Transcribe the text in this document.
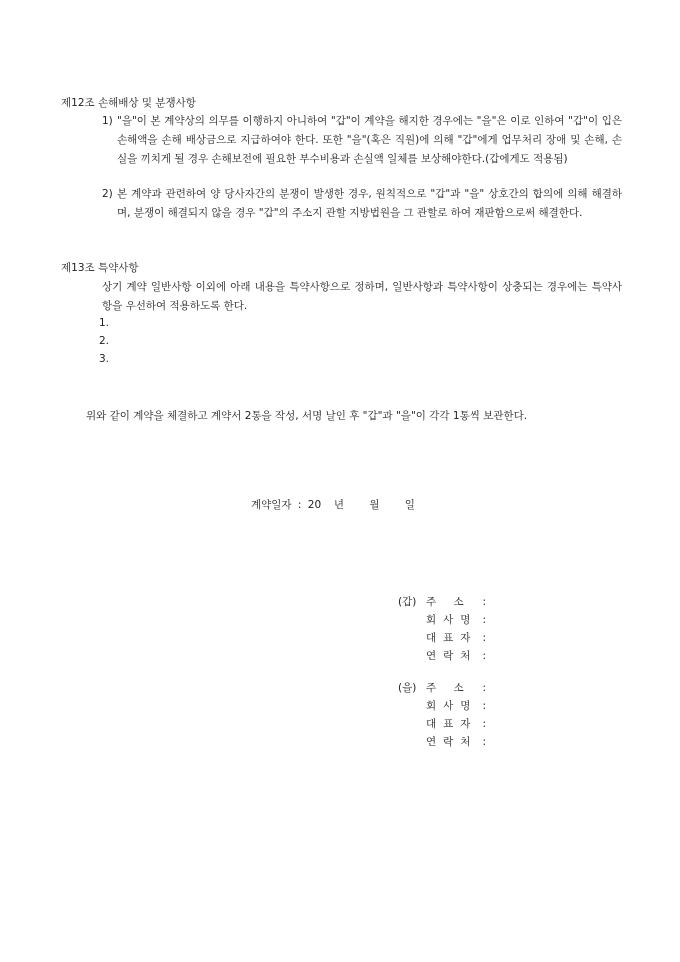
제12조 손해배상 및 분쟁사항
1) "을"이 본 계약상의 의무를 이행하지 아니하여 "갑"이 계약을 해지한 경우에는 "을"은 이로 인하여 "갑"이 입은 손해액을 손해 배상금으로 지급하여야 한다. 또한 "을"(혹은 직원)에 의해 "갑"에게 업무처리 장애 및 손해, 손실을 끼치게 될 경우 손해보전에 필요한 부수비용과 손실액 일체를 보상해야한다.(갑에게도 적용됨)
2) 본 계약과 관련하여 양 당사자간의 분쟁이 발생한 경우, 원칙적으로 "갑"과 "을" 상호간의 합의에 의해 해결하며, 분쟁이 해결되지 않을 경우 "갑"의 주소지 관할 지방법원을 그 관할로 하여 재판함으로써 해결한다.
제13조 특약사항
상기 계약 일반사항 이외에 아래 내용을 특약사항으로 정하며, 일반사항과 특약사항이 상충되는 경우에는 특약사항을 우선하여 적용하도록 한다.
1.
2.
3.
위와 같이 계약을 체결하고 계약서 2통을 작성, 서명 날인 후 "갑"과 "을"이 각각 1통씩 보관한다.
계약일자 : 20  년    월    일
(갑) 주 소 :
회사명 :
대표자 :
연락처 :
(을) 주 소 :
회사명 :
대표자 :
연락처 :
